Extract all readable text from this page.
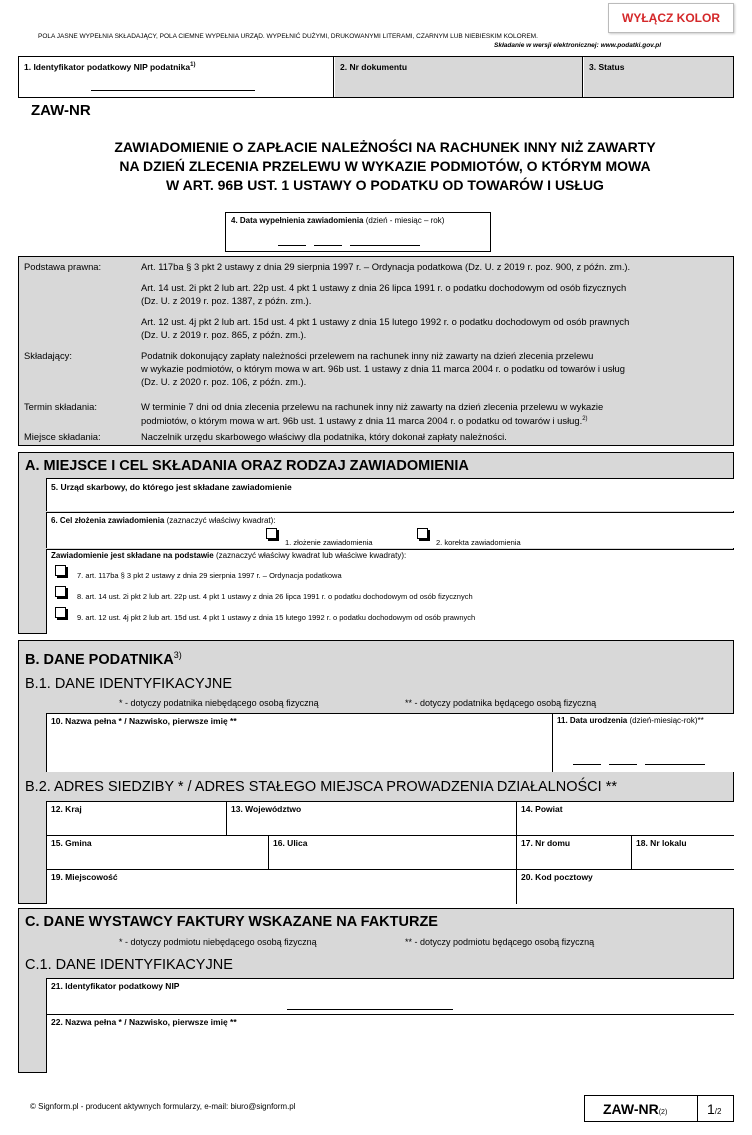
WYŁĄCZ KOLOR
POLA JASNE WYPEŁNIA SKŁADAJĄCY, POLA CIEMNE WYPEŁNIA URZĄD. WYPEŁNIĆ DUŻYMI, DRUKOWANYMI LITERAMI, CZARNYM LUB NIEBIESKIM KOLOREM.
Składanie w wersji elektronicznej: www.podatki.gov.pl
1. Identyfikator podatkowy NIP podatnika$^{1)}$	2. Nr dokumentu	3. Status
ZAW-NR
ZAWIADOMIENIE O ZAPŁACIE NALEŻNOŚCI NA RACHUNEK INNY NIŻ ZAWARTY
NA DZIEŃ ZLECENIA PRZELEWU W WYKAZIE PODMIOTÓW, O KTÓRYM MOWA
W ART. 96B UST. 1 USTAWY O PODATKU OD TOWARÓW I USŁUG
4. Data wypełnienia zawiadomienia (dzień - miesiąc – rok)
Podstawa prawna:	Art. 117ba § 3 pkt 2 ustawy z dnia 29 sierpnia 1997 r. – Ordynacja podatkowa (Dz. U. z 2019 r. poz. 900, z późn. zm.).
Art. 14 ust. 2i pkt 2 lub art. 22p ust. 4 pkt 1 ustawy z dnia 26 lipca 1991 r. o podatku dochodowym od osób fizycznych
(Dz. U. z 2019 r. poz. 1387, z późn. zm.).
Art. 12 ust. 4j pkt 2 lub art. 15d ust. 4 pkt 1 ustawy z dnia 15 lutego 1992 r. o podatku dochodowym od osób prawnych
(Dz. U. z 2019 r. poz. 865, z późn. zm.).
Składający:	Podatnik dokonujący zapłaty należności przelewem na rachunek inny niż zawarty na dzień zlecenia przelewu
w wykazie podmiotów, o którym mowa w art. 96b ust. 1 ustawy z dnia 11 marca 2004 r. o podatku od towarów i usług
(Dz. U. z 2020 r. poz. 106, z późn. zm.).
Termin składania:	W terminie 7 dni od dnia zlecenia przelewu na rachunek inny niż zawarty na dzień zlecenia przelewu w wykazie
podmiotów, o którym mowa w art. 96b ust. 1 ustawy z dnia 11 marca 2004 r. o podatku od towarów i usług.$^{2)}$
Miejsce składania:	Naczelnik urzędu skarbowego właściwy dla podatnika, który dokonał zapłaty należności.
A. MIEJSCE I CEL SKŁADANIA ORAZ RODZAJ ZAWIADOMIENIA
5. Urząd skarbowy, do którego jest składane zawiadomienie
6. Cel złożenia zawiadomienia (zaznaczyć właściwy kwadrat):
1. złożenie zawiadomienia	2. korekta zawiadomienia
Zawiadomienie jest składane na podstawie (zaznaczyć właściwy kwadrat lub właściwe kwadraty):
7. art. 117ba § 3 pkt 2 ustawy z dnia 29 sierpnia 1997 r. – Ordynacja podatkowa
8. art. 14 ust. 2i pkt 2 lub art. 22p ust. 4 pkt 1 ustawy z dnia 26 lipca 1991 r. o podatku dochodowym od osób fizycznych
9. art. 12 ust. 4j pkt 2 lub art. 15d ust. 4 pkt 1 ustawy z dnia 15 lutego 1992 r. o podatku dochodowym od osób prawnych
B. DANE PODATNIKA$^{3)}$
B.1. DANE IDENTYFIKACYJNE
* - dotyczy podatnika niebędącego osobą fizyczną	** - dotyczy podatnika będącego osobą fizyczną
10. Nazwa pełna * / Nazwisko, pierwsze imię **	11. Data urodzenia (dzień-miesiąc-rok)**
B.2. ADRES SIEDZIBY * / ADRES STAŁEGO MIEJSCA PROWADZENIA DZIAŁALNOŚCI **
12. Kraj	13. Województwo	14. Powiat
15. Gmina	16. Ulica	17. Nr domu	18. Nr lokalu
19. Miejscowość	20. Kod pocztowy
C. DANE WYSTAWCY FAKTURY WSKAZANE NA FAKTURZE
* - dotyczy podmiotu niebędącego osobą fizyczną	** - dotyczy podmiotu będącego osobą fizyczną
C.1. DANE IDENTYFIKACYJNE
21. Identyfikator podatkowy NIP
22. Nazwa pełna * / Nazwisko, pierwsze imię **
© Signform.pl - producent aktywnych formularzy, e-mail: biuro@signform.pl	ZAW-NR(2)	1/2
